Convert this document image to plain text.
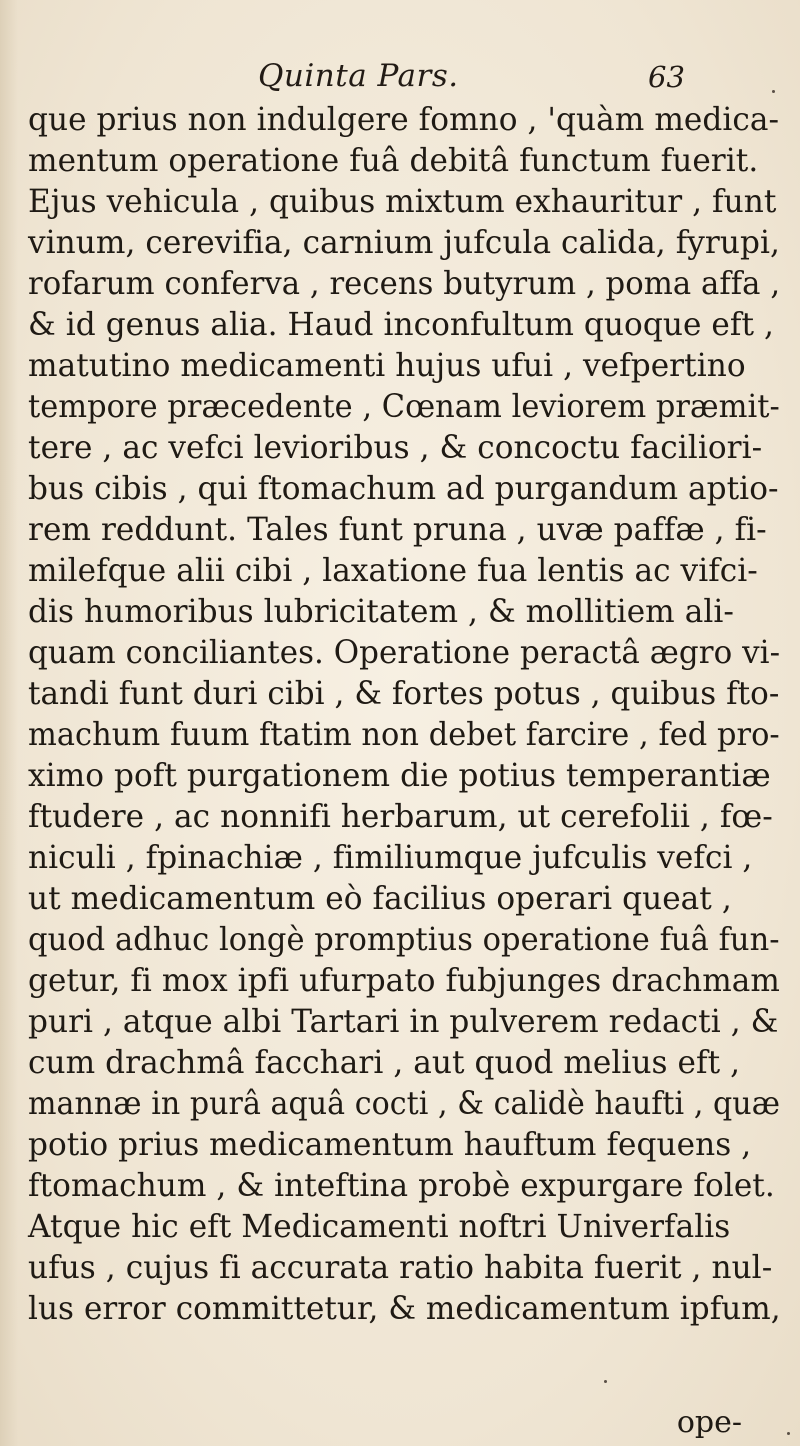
Quinta Pars.	63
que prius non indulgere fomno , 'quàm medica-
mentum operatione fuâ debitâ functum fuerit.
Ejus vehicula , quibus mixtum exhauritur , funt
vinum, cerevifia, carnium jufcula calida, fyrupi,
rofarum conferva , recens butyrum , poma affa ,
& id genus alia. Haud inconfultum quoque eft ,
matutino medicamenti hujus ufui , vefpertino
tempore præcedente , Cœnam leviorem præmit-
tere , ac vefci levioribus , & concoctu faciliori-
bus cibis , qui ftomachum ad purgandum aptio-
rem reddunt. Tales funt pruna , uvæ paffæ , fi-
milefque alii cibi , laxatione fua lentis ac vifci-
dis humoribus lubricitatem , & mollitiem ali-
quam conciliantes. Operatione peractâ ægro vi-
tandi funt duri cibi , & fortes potus , quibus fto-
machum fuum ftatim non debet farcire , fed pro-
ximo poft purgationem die potius temperantiæ
ftudere , ac nonnifi herbarum, ut cerefolii , fœ-
niculi , fpinachiæ , fimiliumque jufculis vefci ,
ut medicamentum eò facilius operari queat ,
quod adhuc longè promptius operatione fuâ fun-
getur, fi mox ipfi ufurpato fubjunges drachmam
puri , atque albi Tartari in pulverem redacti , &
cum drachmâ facchari , aut quod melius eft ,
mannæ in purâ aquâ cocti , & calidè haufti , quæ
potio prius medicamentum hauftum fequens ,
ftomachum , & inteftina probè expurgare folet.
Atque hic eft Medicamenti noftri Univerfalis
ufus , cujus fi accurata ratio habita fuerit , nul-
lus error committetur, & medicamentum ipfum,
ope-
